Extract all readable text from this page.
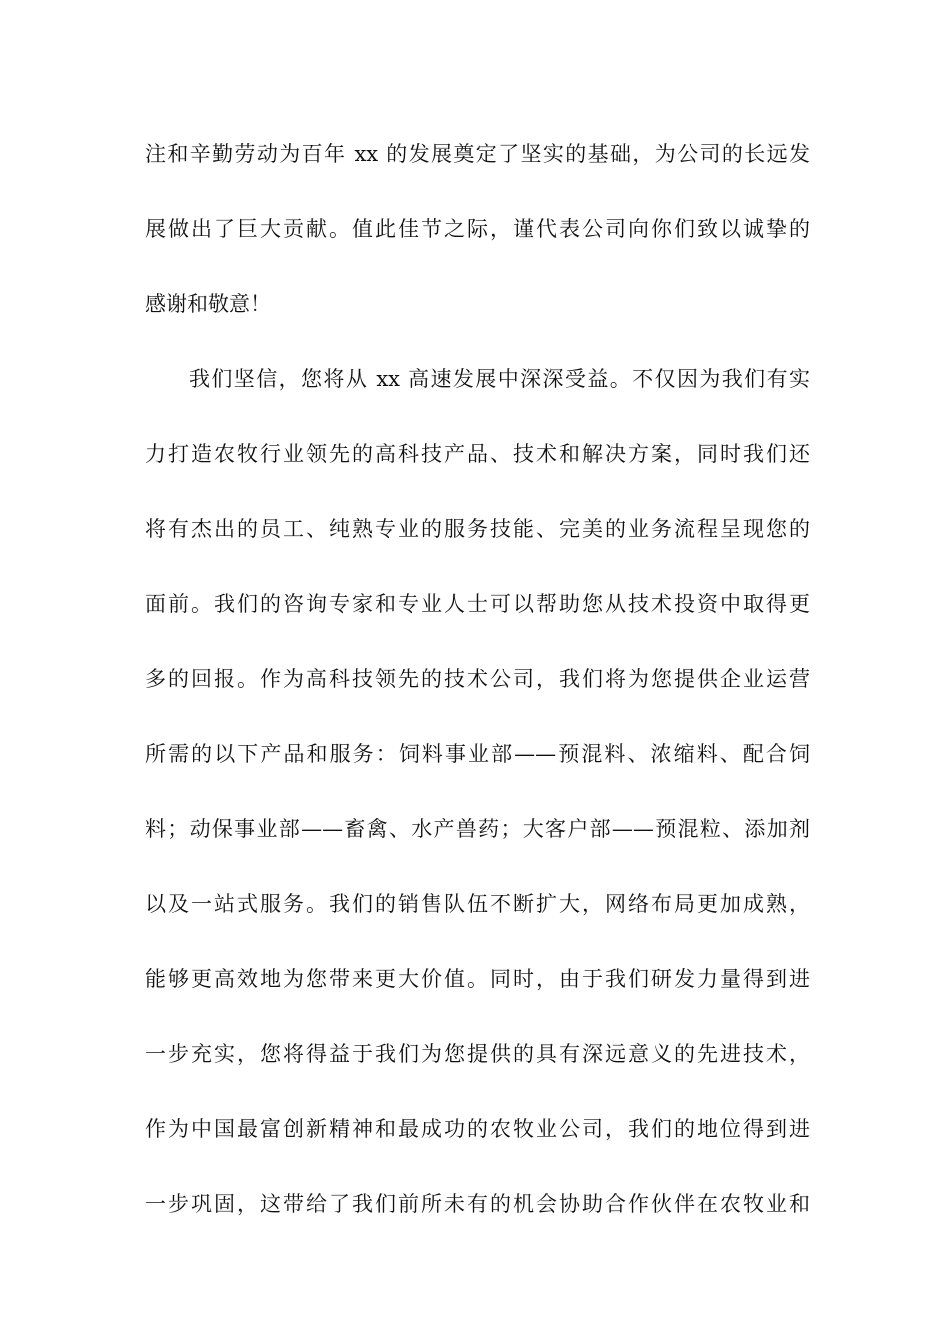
注和辛勤劳动为百年 xx 的发展奠定了坚实的基础，为公司的长远发
展做出了巨大贡献。值此佳节之际，谨代表公司向你们致以诚挚的
感谢和敬意！
我们坚信，您将从 xx 高速发展中深深受益。不仅因为我们有实
力打造农牧行业领先的高科技产品、技术和解决方案，同时我们还
将有杰出的员工、纯熟专业的服务技能、完美的业务流程呈现您的
面前。我们的咨询专家和专业人士可以帮助您从技术投资中取得更
多的回报。作为高科技领先的技术公司，我们将为您提供企业运营
所需的以下产品和服务：饲料事业部——预混料、浓缩料、配合饲
料；动保事业部——畜禽、水产兽药；大客户部——预混粒、添加剂
以及一站式服务。我们的销售队伍不断扩大，网络布局更加成熟，
能够更高效地为您带来更大价值。同时，由于我们研发力量得到进
一步充实，您将得益于我们为您提供的具有深远意义的先进技术，
作为中国最富创新精神和最成功的农牧业公司，我们的地位得到进
一步巩固，这带给了我们前所未有的机会协助合作伙伴在农牧业和
